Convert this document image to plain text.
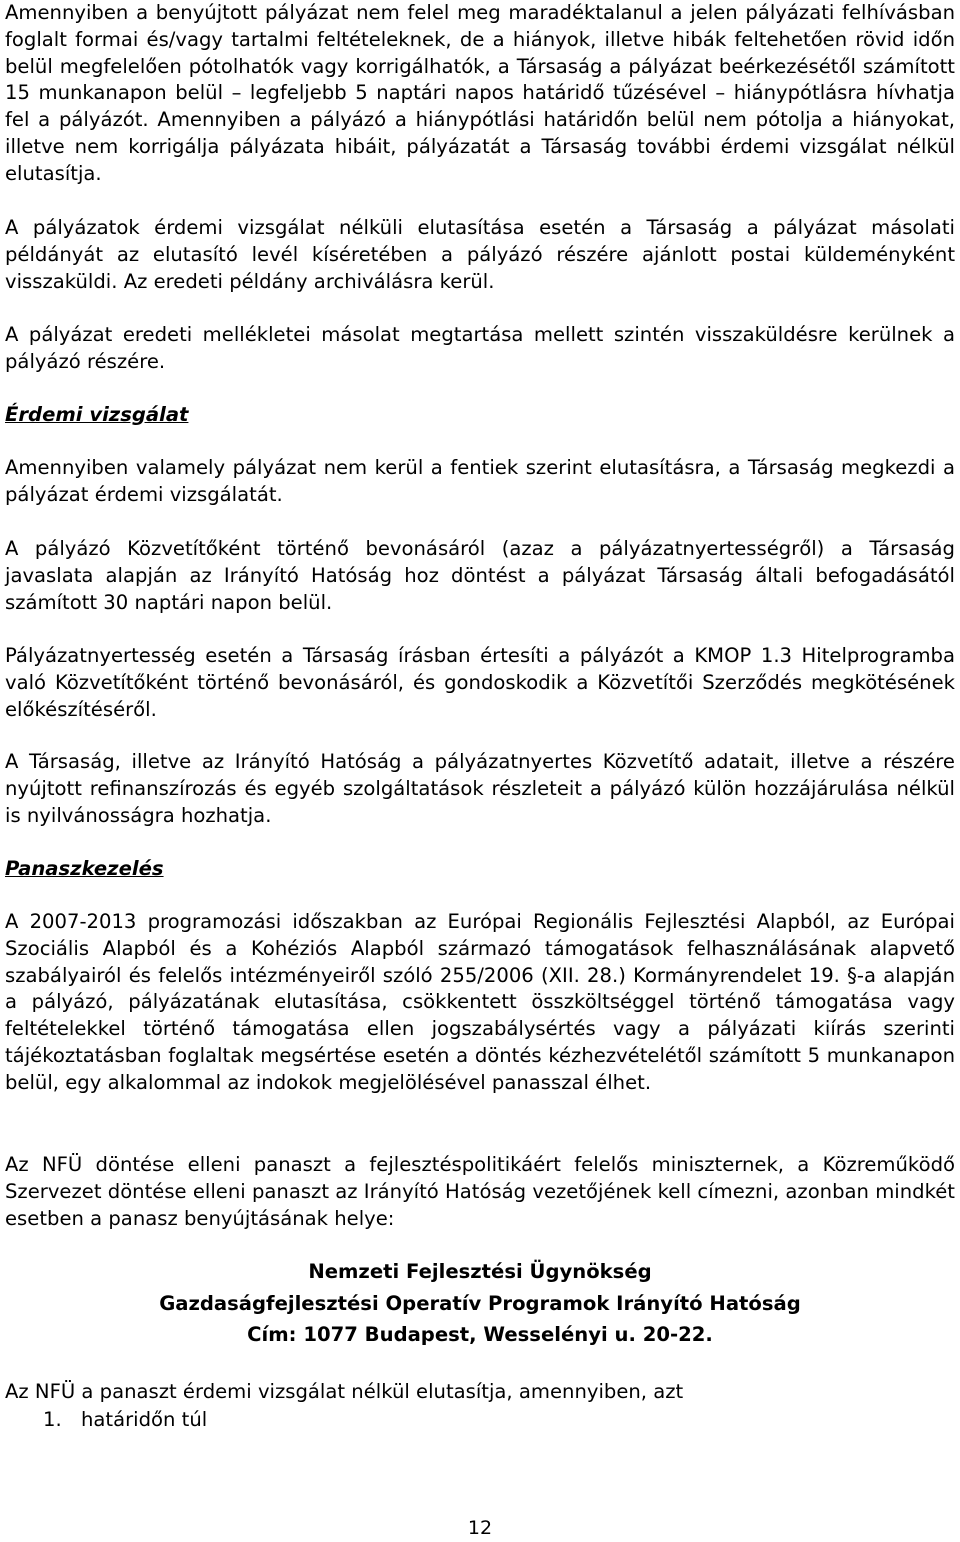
Amennyiben a benyújtott pályázat nem felel meg maradéktalanul a jelen pályázati felhívásban foglalt formai és/vagy tartalmi feltételeknek, de a hiányok, illetve hibák feltehetően rövid időn belül megfelelően pótolhatók vagy korrigálhatók, a Társaság a pályázat beérkezésétől számított 15 munkanapon belül – legfeljebb 5 naptári napos határidő tűzésével – hiánypótlásra hívhatja fel a pályázót. Amennyiben a pályázó a hiánypótlási határidőn belül nem pótolja a hiányokat, illetve nem korrigálja pályázata hibáit, pályázatát a Társaság további érdemi vizsgálat nélkül elutasítja.

A pályázatok érdemi vizsgálat nélküli elutasítása esetén a Társaság a pályázat másolati példányát az elutasító levél kíséretében a pályázó részére ajánlott postai küldeményként visszaküldi. Az eredeti példány archiválásra kerül.

A pályázat eredeti mellékletei másolat megtartása mellett szintén visszaküldésre kerülnek a pályázó részére.

Érdemi vizsgálat

Amennyiben valamely pályázat nem kerül a fentiek szerint elutasításra, a Társaság megkezdi a pályázat érdemi vizsgálatát.

A pályázó Közvetítőként történő bevonásáról (azaz a pályázatnyertességről) a Társaság javaslata alapján az Irányító Hatóság hoz döntést a pályázat Társaság általi befogadásától számított 30 naptári napon belül.

Pályázatnyertesség esetén a Társaság írásban értesíti a pályázót a KMOP 1.3 Hitelprogramba való Közvetítőként történő bevonásáról, és gondoskodik a Közvetítői Szerződés megkötésének előkészítéséről.

A Társaság, illetve az Irányító Hatóság a pályázatnyertes Közvetítő adatait, illetve a részére nyújtott refinanszírozás és egyéb szolgáltatások részleteit a pályázó külön hozzájárulása nélkül is nyilvánosságra hozhatja.

Panaszkezelés

A 2007-2013 programozási időszakban az Európai Regionális Fejlesztési Alapból, az Európai Szociális Alapból és a Kohéziós Alapból származó támogatások felhasználásának alapvető szabályairól és felelős intézményeiről szóló 255/2006 (XII. 28.) Kormányrendelet 19. §-a alapján a pályázó, pályázatának elutasítása, csökkentett összköltséggel történő támogatása vagy feltételekkel történő támogatása ellen jogszabálysértés vagy a pályázati kiírás szerinti tájékoztatásban foglaltak megsértése esetén a döntés kézhezvételétől számított 5 munkanapon belül, egy alkalommal az indokok megjelölésével panasszal élhet.

Az NFÜ döntése elleni panaszt a fejlesztéspolitikáért felelős miniszternek, a Közreműködő Szervezet döntése elleni panaszt az Irányító Hatóság vezetőjének kell címezni, azonban mindkét esetben a panasz benyújtásának helye:

Nemzeti Fejlesztési Ügynökség
Gazdaságfejlesztési Operatív Programok Irányító Hatóság
Cím: 1077 Budapest, Wesselényi u. 20-22.

Az NFÜ a panaszt érdemi vizsgálat nélkül elutasítja, amennyiben, azt

1. határidőn túl
12
